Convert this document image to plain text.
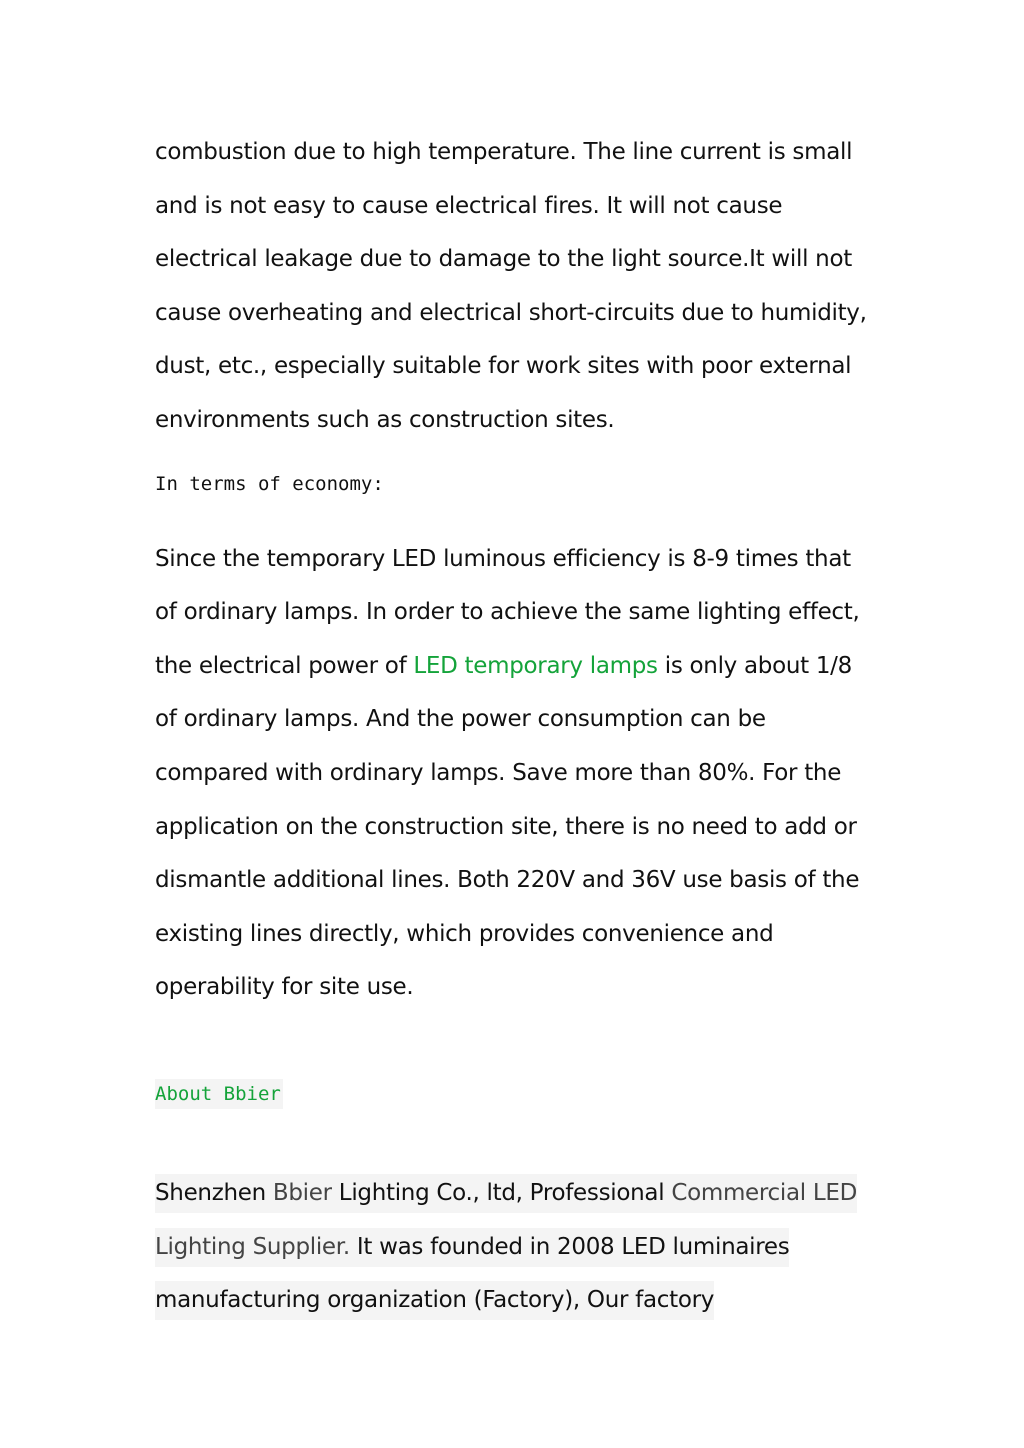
combustion due to high temperature. The line current is small and is not easy to cause electrical fires. It will not cause electrical leakage due to damage to the light source.It will not cause overheating and electrical short-circuits due to humidity, dust, etc., especially suitable for work sites with poor external environments such as construction sites.

In terms of economy:

Since the temporary LED luminous efficiency is 8-9 times that of ordinary lamps. In order to achieve the same lighting effect, the electrical power of LED temporary lamps is only about 1/8 of ordinary lamps. And the power consumption can be compared with ordinary lamps. Save more than 80%. For the application on the construction site, there is no need to add or dismantle additional lines. Both 220V and 36V use basis of the existing lines directly, which provides convenience and operability for site use.

About Bbier

Shenzhen Bbier Lighting Co., ltd, Professional Commercial LED Lighting Supplier. It was founded in 2008 LED luminaires manufacturing organization (Factory), Our factory
